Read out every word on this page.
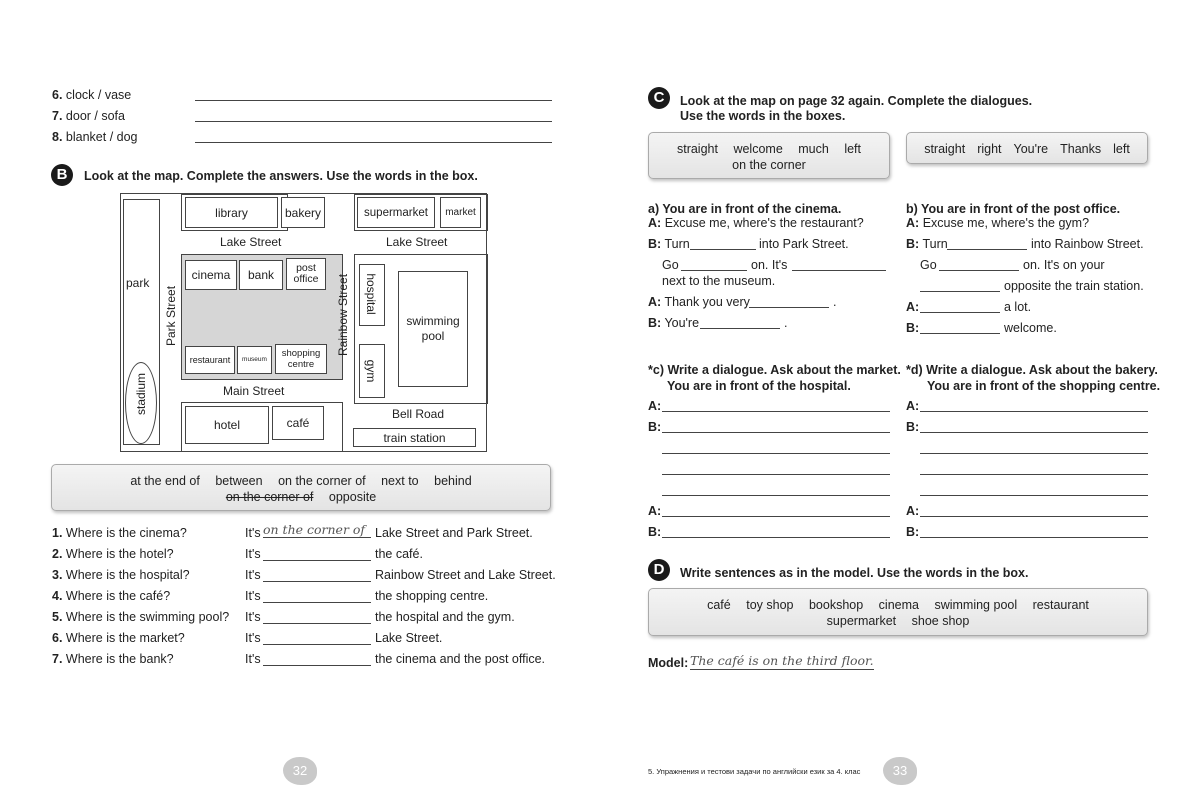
6. clock / vase
7. door / sofa
8. blanket / dog
B	Look at the map. Complete the answers. Use the words in the box.
park
stadium
Park Street
library	bakery	supermarket	market
Lake Street	Lake Street
cinema	bank	post office
restaurant	museum
shopping centre
Rainbow Street hospital
gym
swimming pool
Main Street
hotel	café
Bell Road
train station
at the end of between on the corner of next to behind
on the corner of opposite
1. Where is the cinema?	It's on the corner of Lake Street and Park Street.
2. Where is the hotel?	It's	the café.
3. Where is the hospital?	It's	Rainbow Street and Lake Street.
4. Where is the café?	It's	the shopping centre.
5. Where is the swimming pool? It's	the hospital and the gym.
6. Where is the market?	It's	Lake Street.
7. Where is the bank?	It's	the cinema and the post office.
32
C	Look at the map on page 32 again. Complete the dialogues.
Use the words in the boxes.
straight welcome much left
on the corner
straight right You're Thanks left
a) You are in front of the cinema.
A: Excuse me, where's the restaurant?
B: Turn	into Park Street.
Go	on. It's
next to the museum.
A: Thank you very	.
B: You're	.
b) You are in front of the post office.
A: Excuse me, where's the gym?
B: Turn	into Rainbow Street.
Go	on. It's on your
opposite the train station.
A:	a lot.
B:	welcome.
*c) Write a dialogue. Ask about the market.
You are in front of the hospital.
*d) Write a dialogue. Ask about the bakery.
You are in front of the shopping centre.
A:
B:
A:
B:
A:
B:
A:
B:
D	Write sentences as in the model. Use the words in the box.
café toy shop bookshop cinema swimming pool restaurant
supermarket shoe shop
Model: The café is on the third floor.
5. Упражнения и тестови задачи по английски език за 4. клас	33
